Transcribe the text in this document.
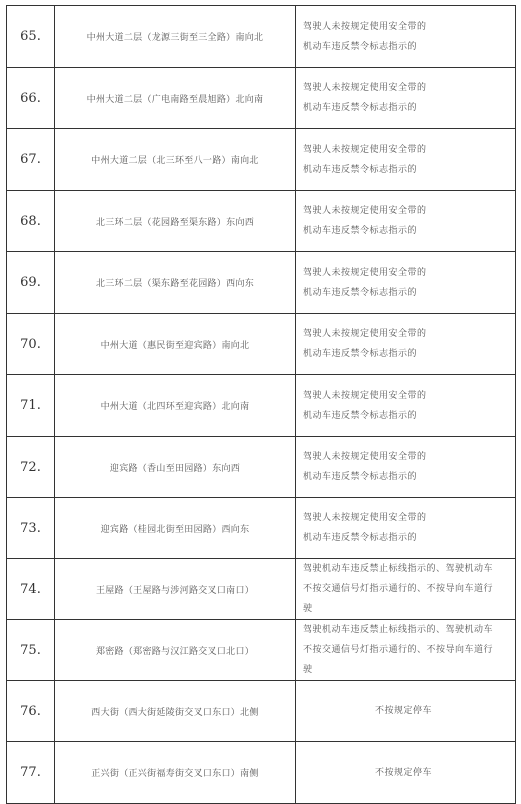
65.	中州大道二层（龙源三街至三全路）南向北	驾驶人未按规定使用安全带的
机动车违反禁令标志指示的

66.	中州大道二层（广电南路至晨旭路）北向南	驾驶人未按规定使用安全带的
机动车违反禁令标志指示的

67.	中州大道二层（北三环至八一路）南向北	驾驶人未按规定使用安全带的
机动车违反禁令标志指示的

68.	北三环二层（花园路至渠东路）东向西	驾驶人未按规定使用安全带的
机动车违反禁令标志指示的

69.	北三环二层（渠东路至花园路）西向东	驾驶人未按规定使用安全带的
机动车违反禁令标志指示的

70.	中州大道（惠民街至迎宾路）南向北	驾驶人未按规定使用安全带的
机动车违反禁令标志指示的

71.	中州大道（北四环至迎宾路）北向南	驾驶人未按规定使用安全带的
机动车违反禁令标志指示的

72.	迎宾路（香山至田园路）东向西	驾驶人未按规定使用安全带的
机动车违反禁令标志指示的

73.	迎宾路（桂园北街至田园路）西向东	驾驶人未按规定使用安全带的
机动车违反禁令标志指示的

74.	王屋路（王屋路与涉河路交叉口南口）	驾驶机动车违反禁止标线指示的、驾驶机动车
不按交通信号灯指示通行的、不按导向车道行
驶

75.	郑密路（郑密路与汉江路交叉口北口）	驾驶机动车违反禁止标线指示的、驾驶机动车
不按交通信号灯指示通行的、不按导向车道行
驶

76.	西大街（西大街延陵街交叉口东口）北侧	不按规定停车

77.	正兴街（正兴街福寿街交叉口东口）南侧	不按规定停车
